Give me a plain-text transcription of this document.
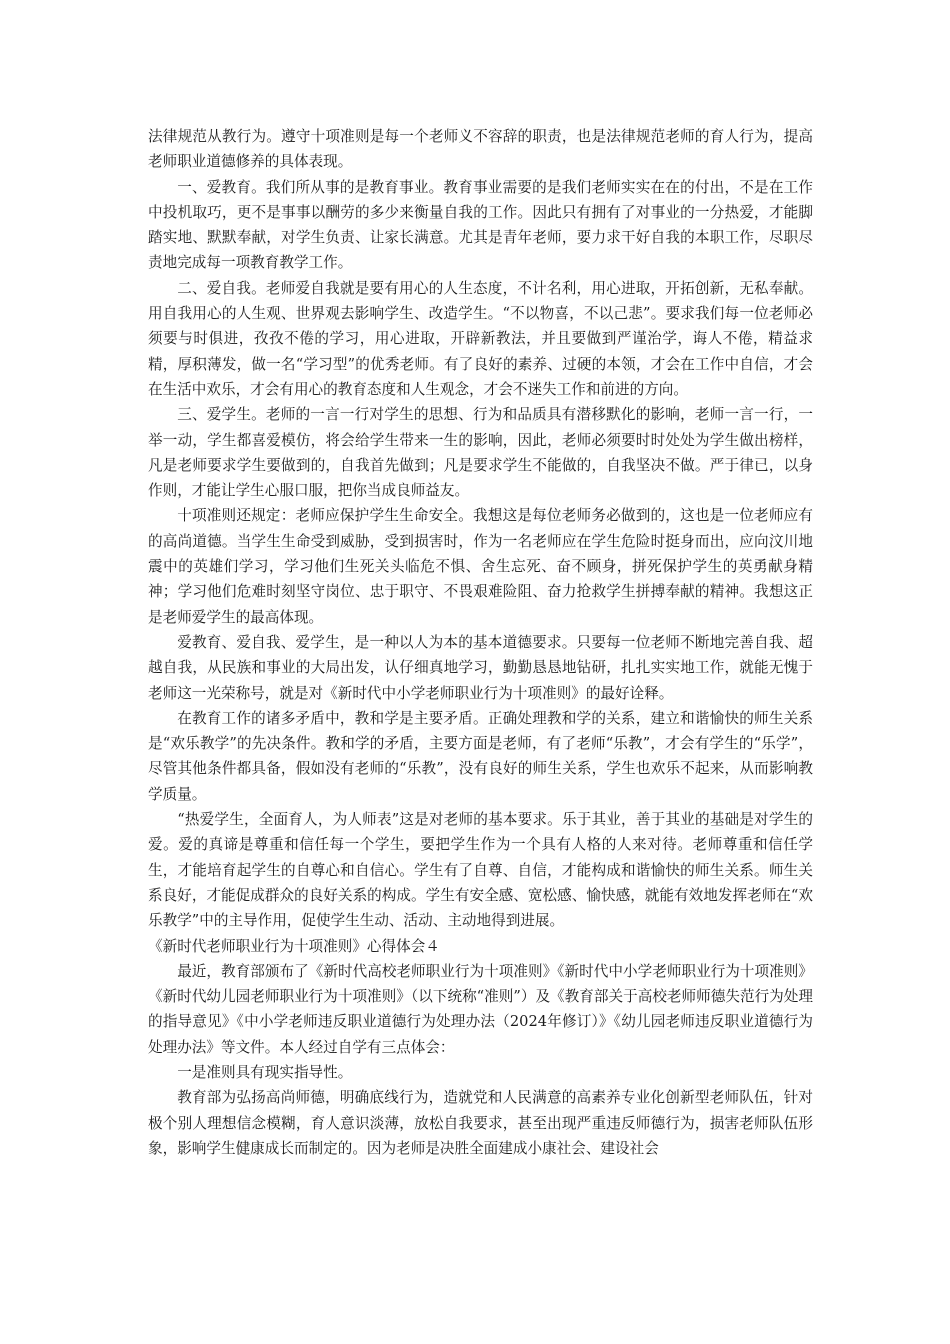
法律规范从教行为。遵守十项准则是每一个老师义不容辞的职责，也是法律规范老师的育人行为，提高老师职业道德修养的具体表现。

一、爱教育。我们所从事的是教育事业。教育事业需要的是我们老师实实在在的付出，不是在工作中投机取巧，更不是事事以酬劳的多少来衡量自我的工作。因此只有拥有了对事业的一分热爱，才能脚踏实地、默默奉献，对学生负责、让家长满意。尤其是青年老师，要力求干好自我的本职工作，尽职尽责地完成每一项教育教学工作。

二、爱自我。老师爱自我就是要有用心的人生态度，不计名利，用心进取，开拓创新，无私奉献。用自我用心的人生观、世界观去影响学生、改造学生。“不以物喜，不以己悲”。要求我们每一位老师必须要与时俱进，孜孜不倦的学习，用心进取，开辟新教法，并且要做到严谨治学，诲人不倦，精益求精，厚积薄发，做一名“学习型”的优秀老师。有了良好的素养、过硬的本领，才会在工作中自信，才会在生活中欢乐，才会有用心的教育态度和人生观念，才会不迷失工作和前进的方向。

三、爱学生。老师的一言一行对学生的思想、行为和品质具有潜移默化的影响，老师一言一行，一举一动，学生都喜爱模仿，将会给学生带来一生的影响，因此，老师必须要时时处处为学生做出榜样，凡是老师要求学生要做到的，自我首先做到；凡是要求学生不能做的，自我坚决不做。严于律已，以身作则，才能让学生心服口服，把你当成良师益友。

十项准则还规定：老师应保护学生生命安全。我想这是每位老师务必做到的，这也是一位老师应有的高尚道德。当学生生命受到威胁，受到损害时，作为一名老师应在学生危险时挺身而出，应向汶川地震中的英雄们学习，学习他们生死关头临危不惧、舍生忘死、奋不顾身，拼死保护学生的英勇献身精神；学习他们危难时刻坚守岗位、忠于职守、不畏艰难险阻、奋力抢救学生拼搏奉献的精神。我想这正是老师爱学生的最高体现。

爱教育、爱自我、爱学生，是一种以人为本的基本道德要求。只要每一位老师不断地完善自我、超越自我，从民族和事业的大局出发，认仔细真地学习，勤勤恳恳地钻研，扎扎实实地工作，就能无愧于老师这一光荣称号，就是对《新时代中小学老师职业行为十项准则》的最好诠释。

在教育工作的诸多矛盾中，教和学是主要矛盾。正确处理教和学的关系，建立和谐愉快的师生关系是“欢乐教学”的先决条件。教和学的矛盾，主要方面是老师，有了老师“乐教”，才会有学生的“乐学”，尽管其他条件都具备，假如没有老师的“乐教”，没有良好的师生关系，学生也欢乐不起来，从而影响教学质量。

“热爱学生，全面育人，为人师表”这是对老师的基本要求。乐于其业，善于其业的基础是对学生的爱。爱的真谛是尊重和信任每一个学生，要把学生作为一个具有人格的人来对待。老师尊重和信任学生，才能培育起学生的自尊心和自信心。学生有了自尊、自信，才能构成和谐愉快的师生关系。师生关系良好，才能促成群众的良好关系的构成。学生有安全感、宽松感、愉快感，就能有效地发挥老师在“欢乐教学”中的主导作用，促使学生生动、活动、主动地得到进展。

《新时代老师职业行为十项准则》心得体会４

最近，教育部颁布了《新时代高校老师职业行为十项准则》《新时代中小学老师职业行为十项准则》《新时代幼儿园老师职业行为十项准则》（以下统称“准则”）及《教育部关于高校老师师德失范行为处理的指导意见》《中小学老师违反职业道德行为处理办法（2024年修订）》《幼儿园老师违反职业道德行为处理办法》等文件。本人经过自学有三点体会：

一是准则具有现实指导性。

教育部为弘扬高尚师德，明确底线行为，造就党和人民满意的高素养专业化创新型老师队伍，针对极个别人理想信念模糊，育人意识淡薄，放松自我要求，甚至出现严重违反师德行为，损害老师队伍形象，影响学生健康成长而制定的。因为老师是决胜全面建成小康社会、建设社会
